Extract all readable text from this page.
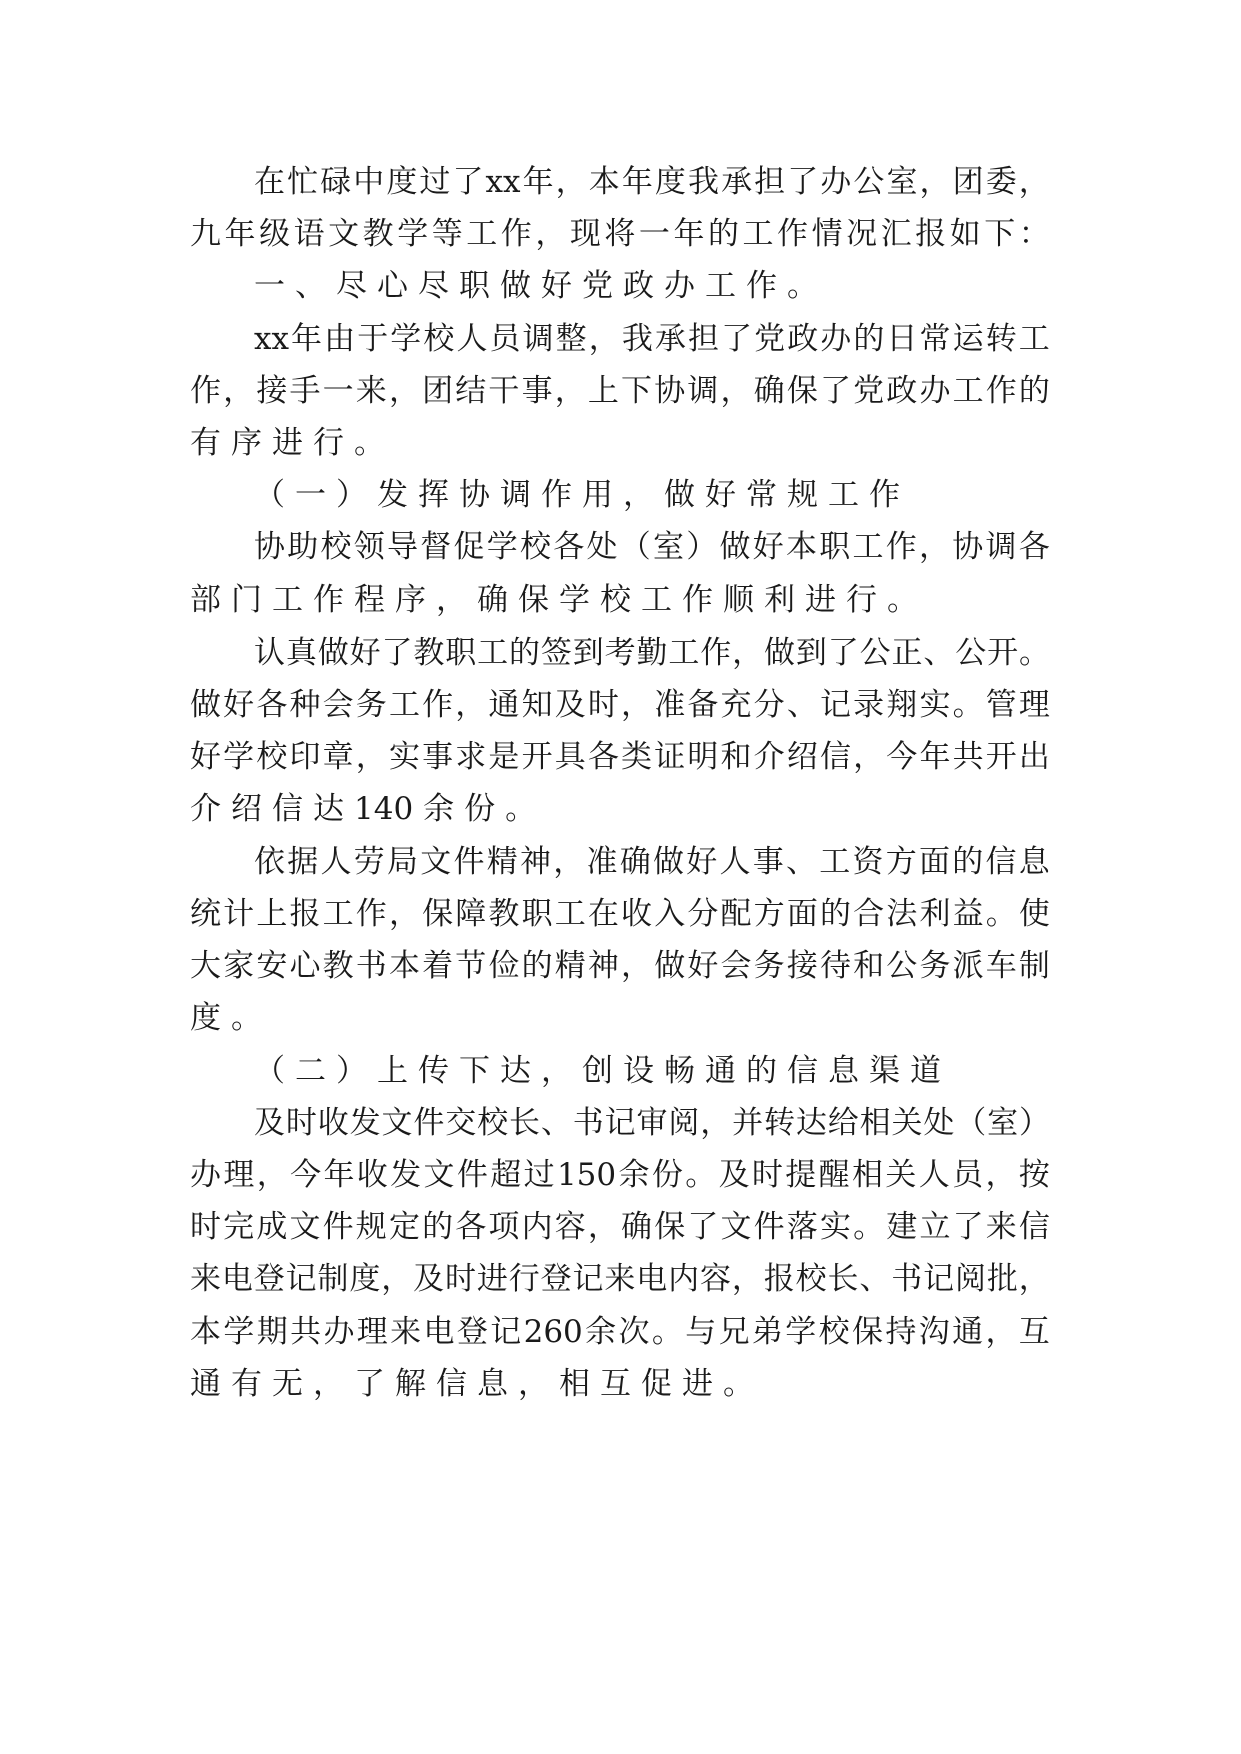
在 忙 碌 中 度 过 了 xx 年 ， 本 年 度 我 承 担 了 办 公 室 ， 团 委 ，
九 年 级 语 文 教 学 等 工 作 ， 现 将 一 年 的 工 作 情 况 汇 报 如 下 ：
一 、 尽 心 尽 职 做 好 党 政 办 工 作 。
xx 年 由 于 学 校 人 员 调 整 ， 我 承 担 了 党 政 办 的 日 常 运 转 工
作 ， 接 手 一 来 ， 团 结 干 事 ， 上 下 协 调 ， 确 保 了 党 政 办 工 作 的
有 序 进 行 。
（ 一 ） 发 挥 协 调 作 用 ， 做 好 常 规 工 作
协 助 校 领 导 督 促 学 校 各 处 （ 室 ） 做 好 本 职 工 作 ， 协 调 各
部 门 工 作 程 序 ， 确 保 学 校 工 作 顺 利 进 行 。
认 真 做 好 了 教 职 工 的 签 到 考 勤 工 作 ， 做 到 了 公 正 、 公 开 。
做 好 各 种 会 务 工 作 ， 通 知 及 时 ， 准 备 充 分 、 记 录 翔 实 。 管 理
好 学 校 印 章 ， 实 事 求 是 开 具 各 类 证 明 和 介 绍 信 ， 今 年 共 开 出
介 绍 信 达 140 余 份 。
依 据 人 劳 局 文 件 精 神 ， 准 确 做 好 人 事 、 工 资 方 面 的 信 息
统 计 上 报 工 作 ， 保 障 教 职 工 在 收 入 分 配 方 面 的 合 法 利 益 。 使
大 家 安 心 教 书 本 着 节 俭 的 精 神 ， 做 好 会 务 接 待 和 公 务 派 车 制
度 。
（ 二 ） 上 传 下 达 ， 创 设 畅 通 的 信 息 渠 道
及 时 收 发 文 件 交 校 长 、 书 记 审 阅 ， 并 转 达 给 相 关 处 （ 室 ）
办 理 ， 今 年 收 发 文 件 超 过 150 余 份 。 及 时 提 醒 相 关 人 员 ， 按
时 完 成 文 件 规 定 的 各 项 内 容 ， 确 保 了 文 件 落 实 。 建 立 了 来 信
来 电 登 记 制 度 ， 及 时 进 行 登 记 来 电 内 容 ， 报 校 长 、 书 记 阅 批 ，
本 学 期 共 办 理 来 电 登 记 260 余 次 。 与 兄 弟 学 校 保 持 沟 通 ， 互
通 有 无 ， 了 解 信 息 ， 相 互 促 进 。
